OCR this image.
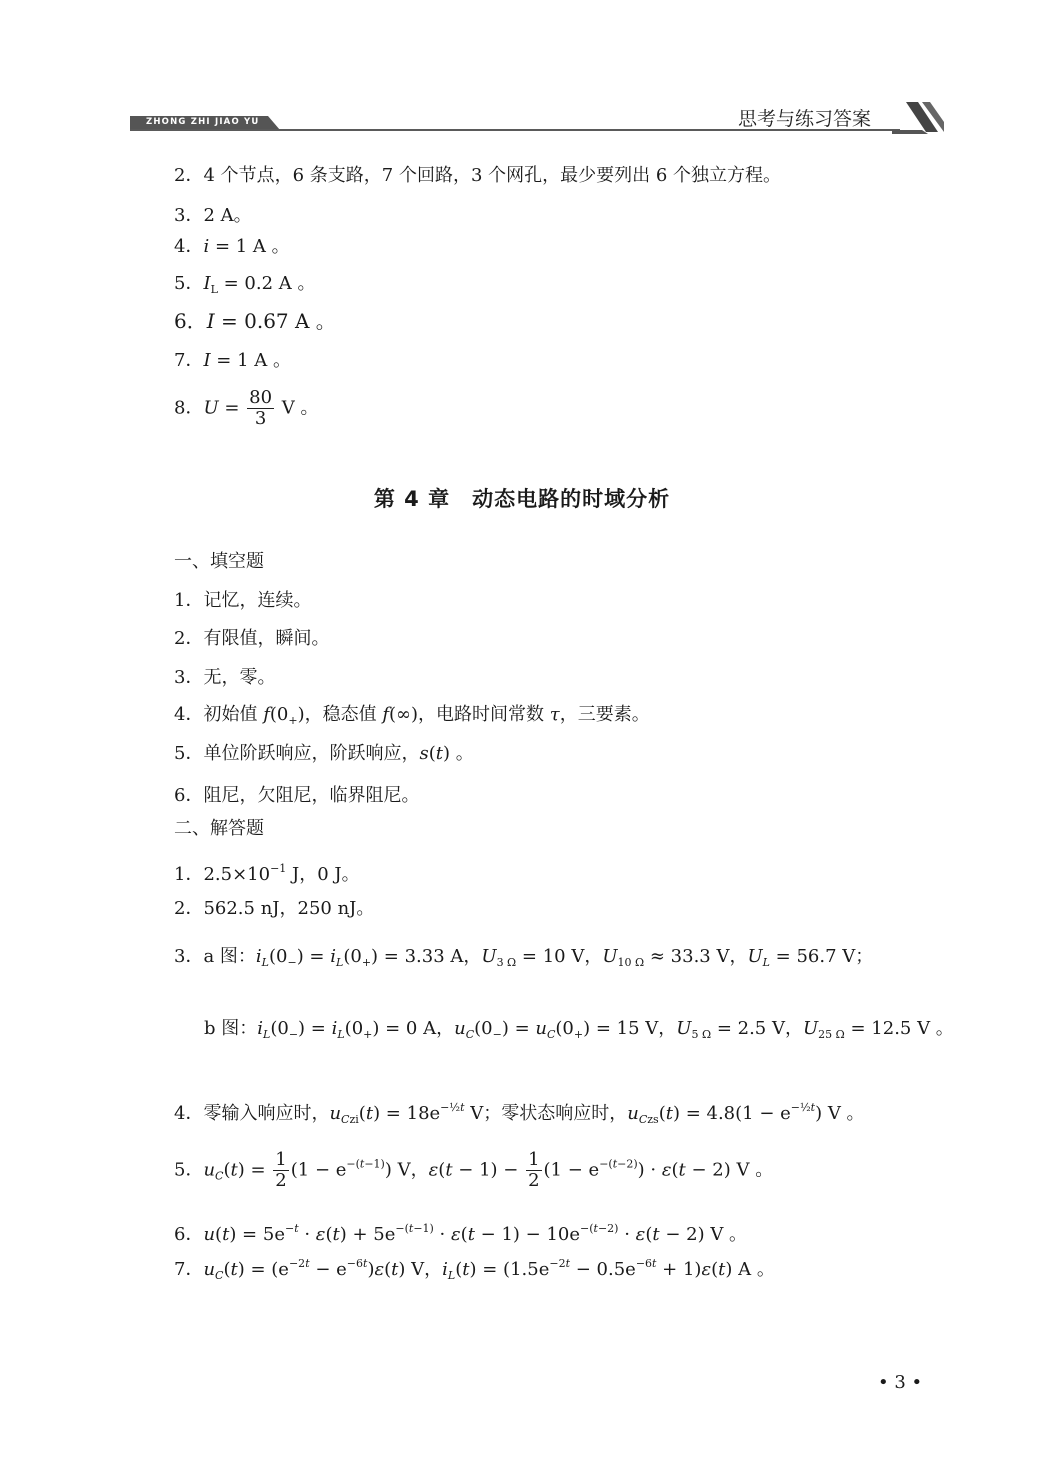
ZHONG ZHI JIAO YU	思考与练习答案
2．4 个节点，6 条支路，7 个回路，3 个网孔，最少要列出 6 个独立方程。
3．2 A。
4．i = 1 A 。
5．$I_L = 0.2$ A 。
6．I = 0.67 A 。
7．I = 1 A 。
8．$U = \frac{80}{3}$ V 。
第 4 章　动态电路的时域分析
一、填空题
1．记忆，连续。
2．有限值，瞬间。
3．无，零。
4．初始值 $f(0_+)$，稳态值 f(∞)，电路时间常数 τ，三要素。
5．单位阶跃响应，阶跃响应，s(t) 。
6．阻尼，欠阻尼，临界阻尼。
二、解答题
1．$2.5\times 10^{-1}$ J，0 J。
2．562.5 nJ，250 nJ。
3．a 图：$i_L(0_-) = i_L(0_+) = 3.33$ A，$U_{3 \Omega} = 10$ V，$U_{10 \Omega} \approx 33.3$ V，$U_L = 56.7$ V；
b 图：$i_L(0_-) = i_L(0_+) = 0$ A，$u_C(0_-) = u_C(0_+) = 15$ V，$U_{5 \Omega} = 2.5$ V，$U_{25 \Omega} = 12.5$ V 。
4．零输入响应时，$u_{Czi}(t) = 18e^{-\frac{1}{2}t}$ V；零状态响应时，$u_{Czs}(t) = 4.8(1 - e^{-\frac{1}{2}t})$ V 。
5．$u_C(t) = \frac{1}{2} (1 - e^{-(t-1)})$ V，$\varepsilon(t - 1) - \frac{1}{2} (1 - e^{-(t-2)}) \cdot \varepsilon(t - 2)$ V 。
6．$u(t) = 5e^{-t} \cdot \varepsilon(t) + 5e^{-(t-1)} \cdot \varepsilon(t - 1) - 10e^{-(t-2)} \cdot \varepsilon(t - 2)$ V 。
7．$u_C(t) = (e^{-2t} - e^{-6t})\varepsilon(t)$ V，$i_L(t) = (1.5e^{-2t} - 0.5e^{-6t} + 1)\varepsilon(t)$ A 。
• 3 •
